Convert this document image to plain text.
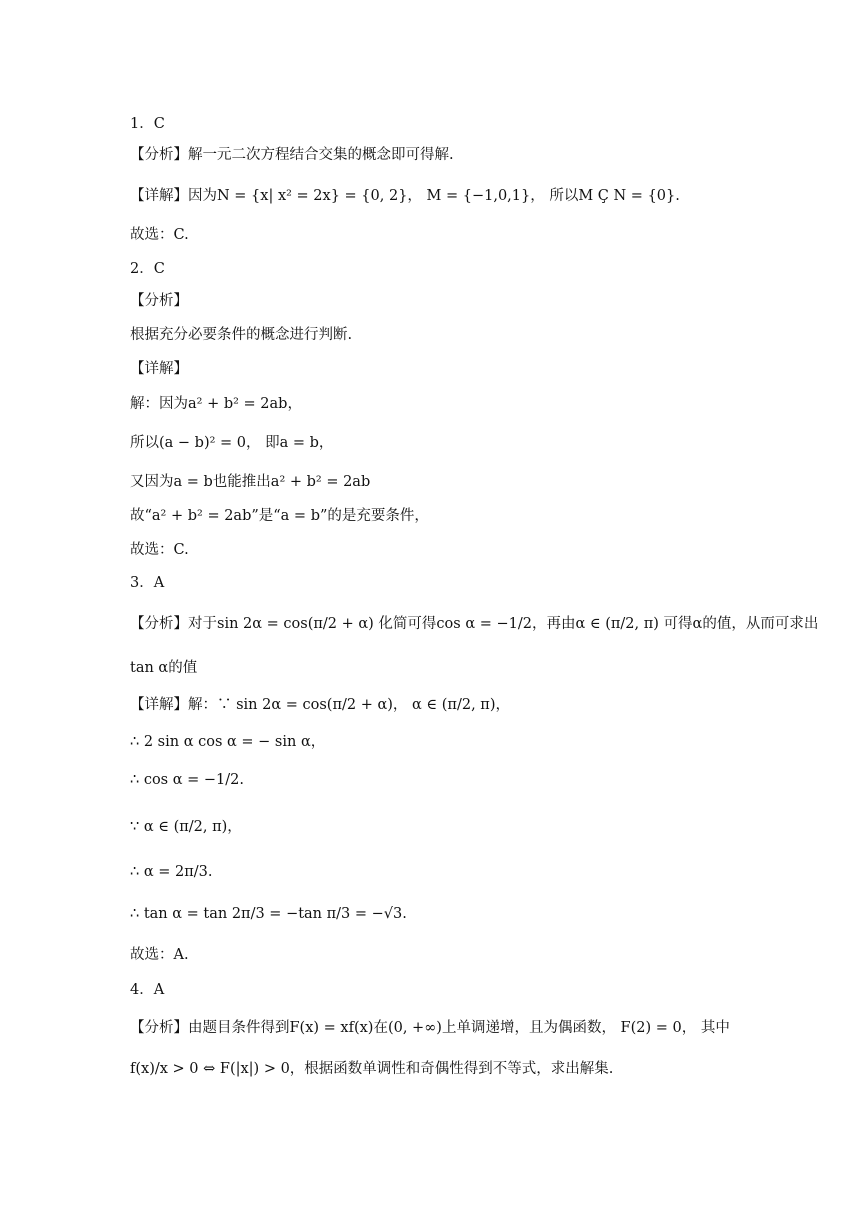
1．C
【分析】解一元二次方程结合交集的概念即可得解.
【详解】因为N = {x| x² = 2x} = {0, 2}， M = {−1,0,1}， 所以M Ç N = {0}.
故选：C.
2．C
【分析】
根据充分必要条件的概念进行判断.
【详解】
解：因为a² + b² = 2ab，
所以(a − b)² = 0， 即a = b，
又因为a = b也能推出a² + b² = 2ab
故“a² + b² = 2ab”是“a = b”的是充要条件，
故选：C.
3．A
【分析】对于sin 2α = cos(π/2 + α) 化简可得cos α = −1/2，再由α ∈ (π/2, π) 可得α的值，从而可求出
tan α的值
【详解】解：∵ sin 2α = cos(π/2 + α)， α ∈ (π/2, π)，
∴ 2 sin α cos α = − sin α，
∴ cos α = −1/2.
∵ α ∈ (π/2, π)，
∴ α = 2π/3.
∴ tan α = tan 2π/3 = −tan π/3 = −√3.
故选：A.
4．A
【分析】由题目条件得到F(x) = xf(x)在(0, +∞)上单调递增，且为偶函数， F(2) = 0， 其中
f(x)/x > 0 ⇔ F(|x|) > 0，根据函数单调性和奇偶性得到不等式，求出解集.
